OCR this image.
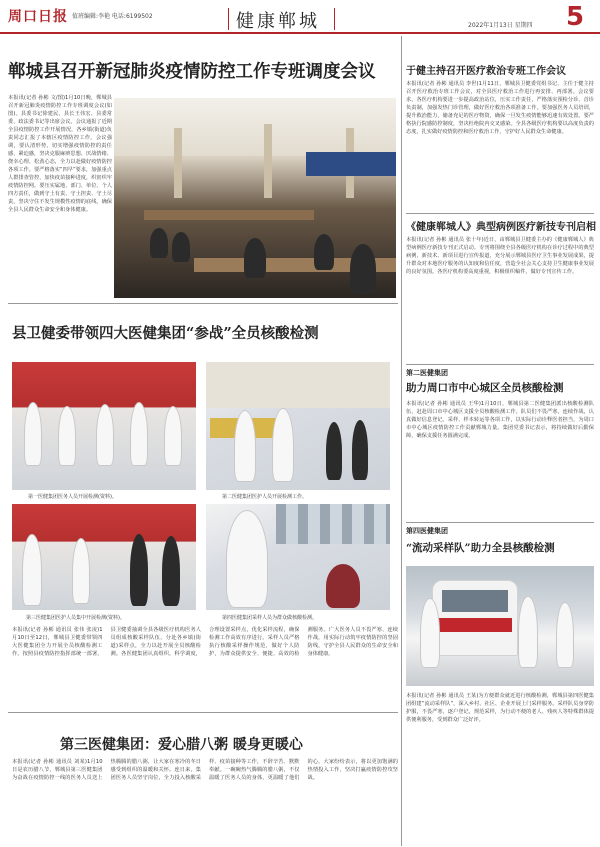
周口日报 值班编辑:李艳 电话:6199502	健康郸城	2022年1月13日 星期四 5
郸城县召开新冠肺炎疫情防控工作专班调度会议
本报讯(记者 孙彬 文/图)1月10日晚，郸城县召开新冠肺炎疫情防控工作专班调度会议(如图)。县委书记徐建民、县长王伟宏、县委常委、政法委书记等出席会议。会议通报了近期全县疫情防控工作开展情况，各乡镇(街道)负责同志汇报了本辖区疫情防控工作。会议强调，要认清形势，切实增强疫情防控的责任感、紧迫感，坚决克服麻痹思想、厌战情绪、侥幸心理、松劲心态，全力以赴做好疫情防控各项工作。要严格落实“四早”要求，加强重点人群排查管控，加快疫苗接种进度，织密织牢疫情防控网。要压实属地、部门、单位、个人四方责任，做到守土有责、守土担责、守土尽责，坚决守住不发生规模性疫情的底线，确保全县人民群众生命安全和身体健康。
于健主持召开医疗救治专班工作会议
本报讯(记者 孙彬 通讯员 李世)1月11日，郸城县卫健委党组书记、主任于健主持召开医疗救治专班工作会议，对全县医疗救治工作进行再安排、再部署。会议要求，各医疗机构要进一步提高政治站位，压实工作责任，严格落实预检分诊、首诊负责制，加强发热门诊管理，做好医疗救治各项准备工作。要加强医务人员培训，提升救治能力，储备充足的医疗物资，确保一旦发生疫情能够迅速有效处置。要严格执行院感防控制度，坚决杜绝院内交叉感染。全县各级医疗机构要以高度负责的态度，扎实做好疫情防控和医疗救治工作，守护好人民群众生命健康。
《健康郸城人》典型病例医疗新技专刊启相
本报讯(记者 孙彬 通讯员 张十年)近日，由郸城县卫健委主办的《健康郸城人》典型病例医疗新技专刊正式启动。专刊将围绕全县各级医疗机构在诊疗过程中的典型病例、新技术、新项目进行宣传报道，充分展示郸城县医疗卫生事业发展成果，提升群众对本地医疗服务的认知度和信任度，营造全社会关心支持卫生健康事业发展的良好氛围。各医疗机构要高度重视，积极组织稿件，做好专刊宣传工作。
第二医健集团
助力周口市中心城区全员核酸检测
本报讯(记者 孙彬 通讯员 王华)1月10日，郸城县第二医健集团派出核酸检测队伍，赶赴周口市中心城区支援全员核酸检测工作。队员们不畏严寒，连续作战，认真做好信息登记、采样、样本转运等各项工作，以实际行动诠释医者担当，为周口市中心城区疫情防控工作贡献郸城力量。集团党委书记表示，将持续做好后勤保障，确保支援任务圆满完成。
第四医健集团
“流动采样队”助力全县核酸检测
本报讯(记者 孙彬 通讯员 王某)为方便群众就近进行核酸检测，郸城县第四医健集团组建“流动采样队”，深入乡村、社区、企业开展上门采样服务。采样队员身穿防护服，不畏严寒，逐户登记，规范采样，为行动不便的老人、残疾人等特殊群体提供便利服务，受到群众广泛好评。
县卫健委带领四大医健集团“参战”全员核酸检测
第一医健集团医务人员开展检测(资料)。	第二医健集团医护人员开展检测工作。
第三医健集团医护人员集中开展检测(资料)。	第四医健集团采样人员为群众做核酸检测。
本报讯(记者 孙彬 通讯员 张伟 张凌)1月10日至12日，郸城县卫健委带领四大医健集团全力开展全员核酸检测工作。按照县疫情防控指挥部统一部署，县卫健委抽调全县各级医疗机构医务人员组成核酸采样队伍，分赴各乡镇(街道)采样点，全力以赴开展全员核酸检测。各医健集团认真组织，科学调度，合理设置采样点，优化采样流程，确保检测工作高效有序进行。采样人员严格执行核酸采样操作规范，做好个人防护，为群众提供安全、便捷、高效的检测服务。广大医务人员不畏严寒、连续作战，用实际行动筑牢疫情防控的坚固防线，守护全县人民群众的生命安全和身体健康。
第三医健集团：爱心腊八粥 暖身更暖心
本报讯(记者 孙彬 通讯员 刘某)1月10日是农历腊八节，郸城县第三医健集团为奋战在疫情防控一线的医务人员送上热腾腾的腊八粥，让大家在寒冷的冬日感受到组织的温暖和关怀。连日来，集团医务人员坚守岗位，全力投入核酸采样、疫苗接种等工作，不辞辛苦、默默奉献。一碗碗热气腾腾的腊八粥，不仅温暖了医务人员的身体，更温暖了他们的心。大家纷纷表示，将以更加饱满的热情投入工作，坚决打赢疫情防控攻坚战。
